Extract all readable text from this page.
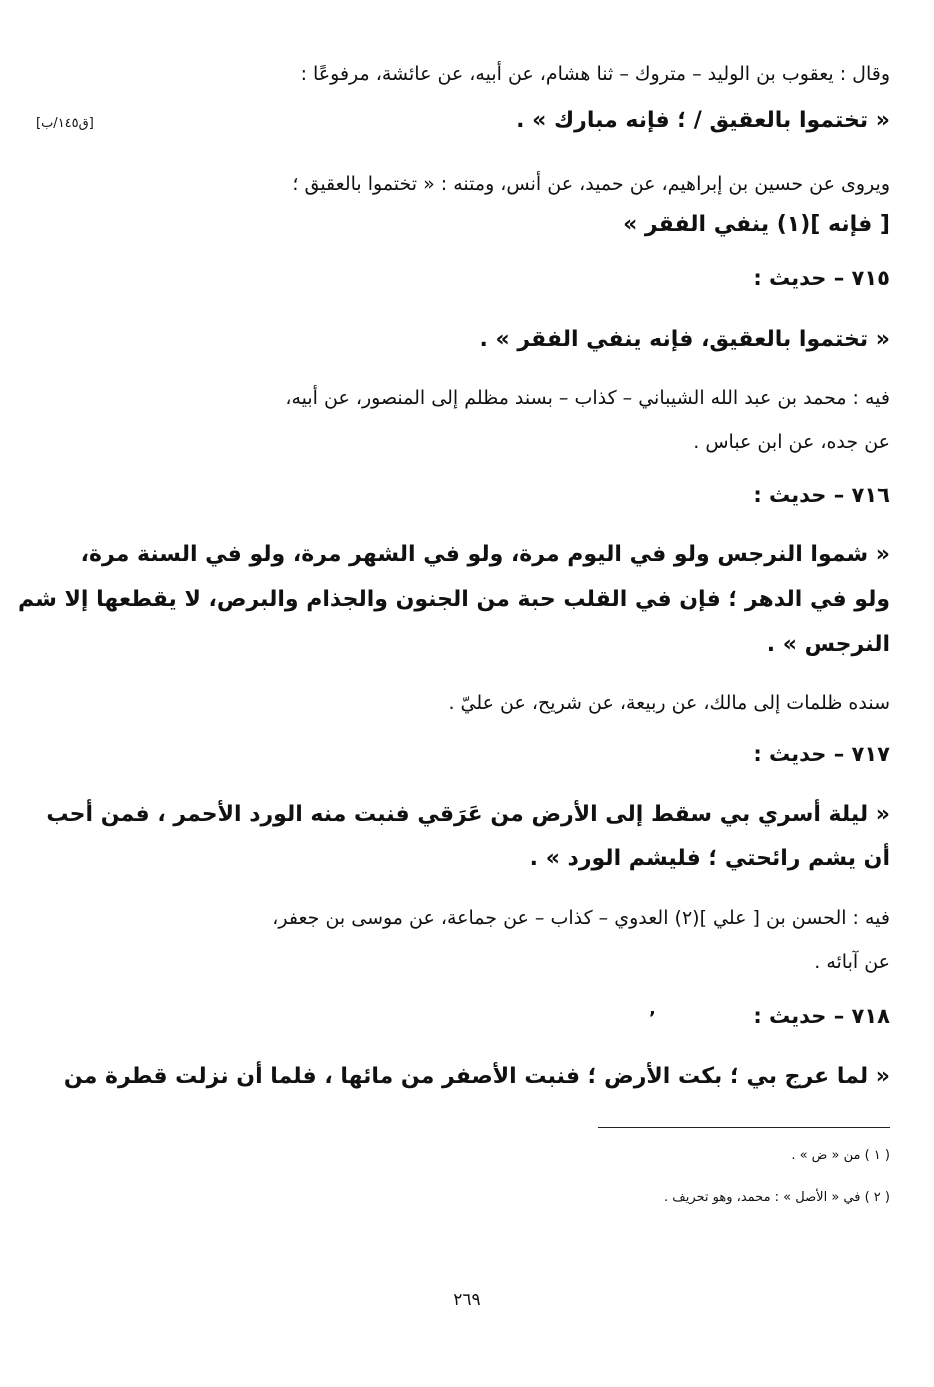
[ق١٤٥/ب]
وقال : يعقوب بن الوليد – متروك – ثنا هشام، عن أبيه، عن عائشة، مرفوعًا :
« تختموا بالعقيق / ؛ فإنه مبارك » .
ويروى عن حسين بن إبراهيم، عن حميد، عن أنس، ومتنه : « تختموا بالعقيق ؛
[ فإنه ](١) ينفي الفقر »
٧١٥ – حديث :
« تختموا بالعقيق، فإنه ينفي الفقر » .
فيه : محمد بن عبد الله الشيباني – كذاب – بسند مظلم إلى المنصور، عن أبيه،
عن جده، عن ابن عباس .
٧١٦ – حديث :
« شموا النرجس ولو في اليوم مرة، ولو في الشهر مرة، ولو في السنة مرة،
ولو في الدهر ؛ فإن في القلب حبة من الجنون والجذام والبرص، لا يقطعها إلا شم
النرجس » .
سنده ظلمات إلى مالك، عن ربيعة، عن شريح، عن عليّ .
٧١٧ – حديث :
« ليلة أسري بي سقط إلى الأرض من عَرَقي فنبت منه الورد الأحمر ، فمن أحب
أن يشم رائحتي ؛ فليشم الورد » .
فيه : الحسن بن [ علي ](٢) العدوي – كذاب – عن جماعة، عن موسى بن جعفر،
عن آبائه .
٧١٨ – حديث :
ʼ
« لما عرج بي ؛ بكت الأرض ؛ فنبت الأصفر من مائها ، فلما أن نزلت قطرة من
( ١ ) من « ض » .
( ٢ ) في « الأصل » : محمد، وهو تحريف .
٢٦٩
